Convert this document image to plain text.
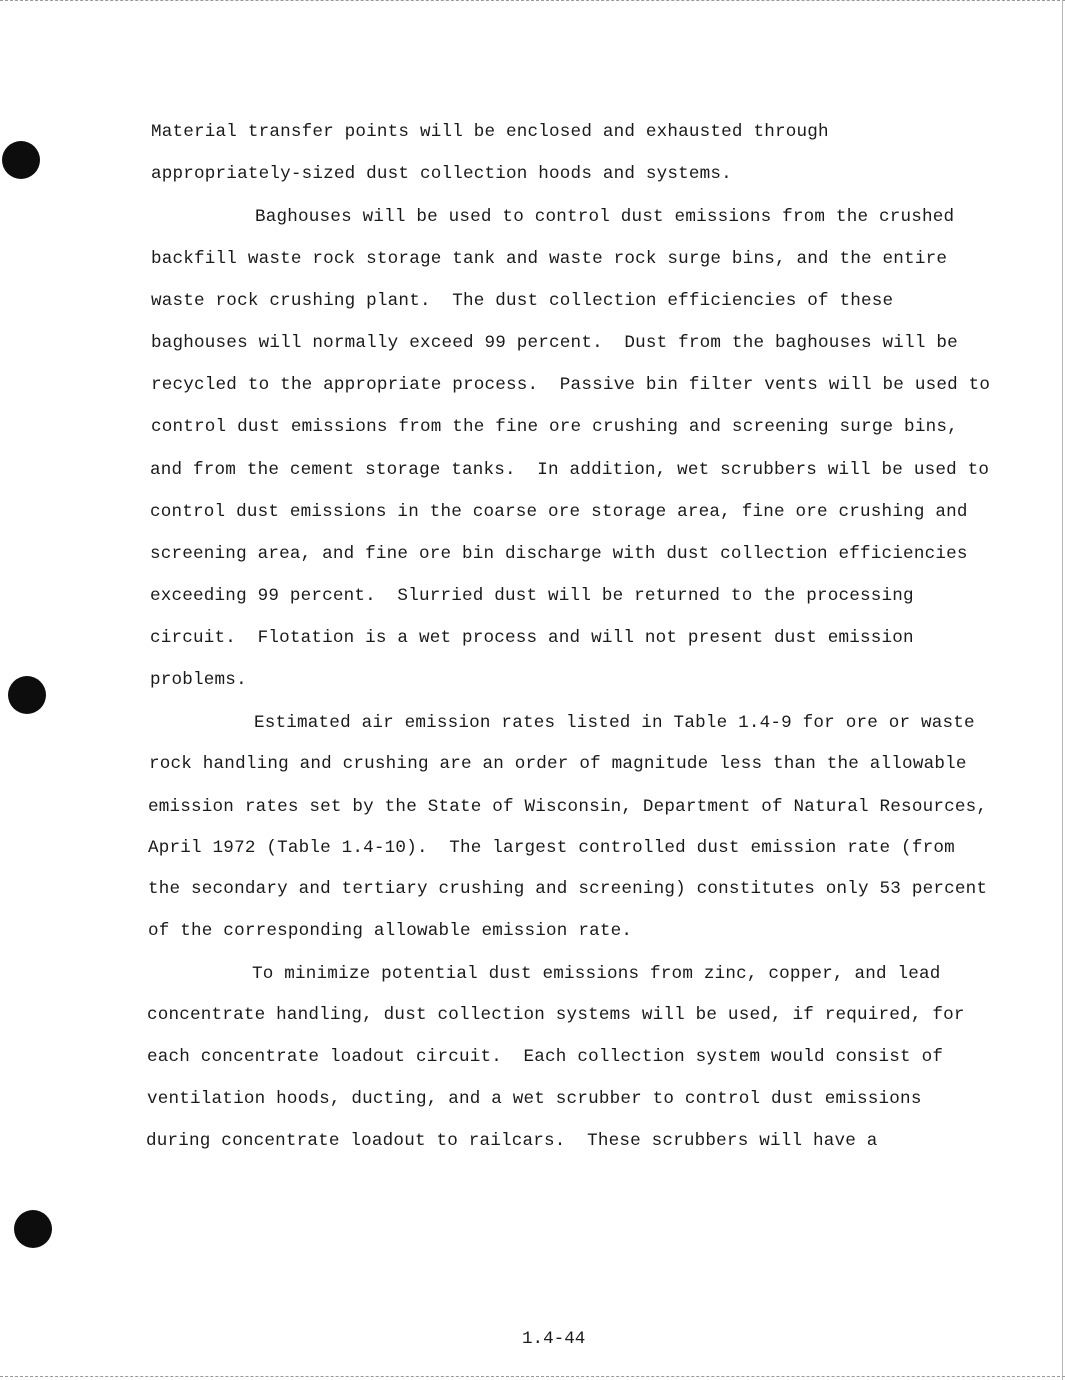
Material transfer points will be enclosed and exhausted through
appropriately-sized dust collection hoods and systems.
Baghouses will be used to control dust emissions from the crushed
backfill waste rock storage tank and waste rock surge bins, and the entire
waste rock crushing plant.  The dust collection efficiencies of these
baghouses will normally exceed 99 percent.  Dust from the baghouses will be
recycled to the appropriate process.  Passive bin filter vents will be used to
control dust emissions from the fine ore crushing and screening surge bins,
and from the cement storage tanks.  In addition, wet scrubbers will be used to
control dust emissions in the coarse ore storage area, fine ore crushing and
screening area, and fine ore bin discharge with dust collection efficiencies
exceeding 99 percent.  Slurried dust will be returned to the processing
circuit.  Flotation is a wet process and will not present dust emission
problems.
Estimated air emission rates listed in Table 1.4-9 for ore or waste
rock handling and crushing are an order of magnitude less than the allowable
emission rates set by the State of Wisconsin, Department of Natural Resources,
April 1972 (Table 1.4-10).  The largest controlled dust emission rate (from
the secondary and tertiary crushing and screening) constitutes only 53 percent
of the corresponding allowable emission rate.
To minimize potential dust emissions from zinc, copper, and lead
concentrate handling, dust collection systems will be used, if required, for
each concentrate loadout circuit.  Each collection system would consist of
ventilation hoods, ducting, and a wet scrubber to control dust emissions
during concentrate loadout to railcars.  These scrubbers will have a
1.4-44
